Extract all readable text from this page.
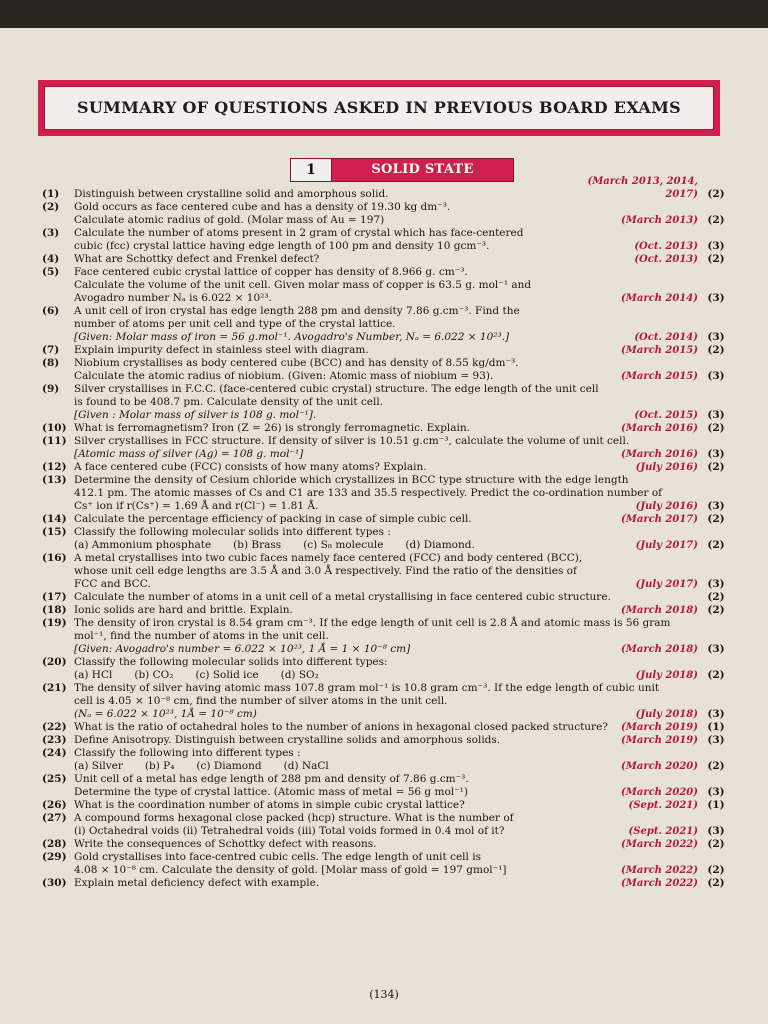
SUMMARY OF QUESTIONS ASKED IN PREVIOUS BOARD EXAMS
1	SOLID STATE
(1)	Distinguish between crystalline solid and amorphous solid.
(March 2013, 2014, 2017) (2)
(2)	Gold occurs as face centered cube and has a density of 19.30 kg dm⁻³.
Calculate atomic radius of gold. (Molar mass of Au = 197)	(March 2013) (2)
(3)	Calculate the number of atoms present in 2 gram of crystal which has face-centered
cubic (fcc) crystal lattice having edge length of 100 pm and density 10 gcm⁻³.	(Oct. 2013) (3)
(4)	What are Schottky defect and Frenkel defect?	(Oct. 2013) (2)
(5)	Face centered cubic crystal lattice of copper has density of 8.966 g. cm⁻³.
Calculate the volume of the unit cell. Given molar mass of copper is 63.5 g. mol⁻¹ and
Avogadro number Nₐ is 6.022 × 10²³.	(March 2014) (3)
(6)	A unit cell of iron crystal has edge length 288 pm and density 7.86 g.cm⁻³. Find the
number of atoms per unit cell and type of the crystal lattice.
[Given: Molar mass of iron = 56 g.mol⁻¹. Avogadro's Number, Nₐ = 6.022 × 10²³.]	(Oct. 2014) (3)
(7)	Explain impurity defect in stainless steel with diagram.	(March 2015) (2)
(8)	Niobium crystallises as body centered cube (BCC) and has density of 8.55 kg/dm⁻³.
Calculate the atomic radius of niobium. (Given: Atomic mass of niobium = 93).	(March 2015) (3)
(9)	Silver crystallises in F.C.C. (face-centered cubic crystal) structure. The edge length of the unit cell
is found to be 408.7 pm. Calculate density of the unit cell.
[Given : Molar mass of silver is 108 g. mol⁻¹].	(Oct. 2015) (3)
(10) What is ferromagnetism? Iron (Z = 26) is strongly ferromagnetic. Explain.	(March 2016) (2)
(11) Silver crystallises in FCC structure. If density of silver is 10.51 g.cm⁻³, calculate the volume of unit cell.
[Atomic mass of silver (Ag) = 108 g. mol⁻¹]	(March 2016) (3)
(12) A face centered cube (FCC) consists of how many atoms? Explain.	(July 2016) (2)
(13) Determine the density of Cesium chloride which crystallizes in BCC type structure with the edge length
412.1 pm. The atomic masses of Cs and C1 are 133 and 35.5 respectively. Predict the co-ordination number of
Cs⁺ ion if r(Cs⁺) = 1.69 Å and r(Cl⁻) = 1.81 Å.	(July 2016) (3)
(14) Calculate the percentage efficiency of packing in case of simple cubic cell.	(March 2017) (2)
(15) Classify the following molecular solids into different types :
(a) Ammonium phosphate (b) Brass (c) S₈ molecule (d) Diamond.	(July 2017) (2)
(16) A metal crystallises into two cubic faces namely face centered (FCC) and body centered (BCC),
whose unit cell edge lengths are 3.5 Å and 3.0 Å respectively. Find the ratio of the densities of
FCC and BCC.	(July 2017) (3)
(17) Calculate the number of atoms in a unit cell of a metal crystallising in face centered cubic structure.	(2)
(18) Ionic solids are hard and brittle. Explain.	(March 2018) (2)
(19) The density of iron crystal is 8.54 gram cm⁻³. If the edge length of unit cell is 2.8 Å and atomic mass is 56 gram
mol⁻¹, find the number of atoms in the unit cell.
[Given: Avogadro's number = 6.022 × 10²³, 1 Å = 1 × 10⁻⁸ cm]	(March 2018) (3)
(20) Classify the following molecular solids into different types:
(a) HCl (b) CO₂ (c) Solid ice (d) SO₂	(July 2018) (2)
(21) The density of silver having atomic mass 107.8 gram mol⁻¹ is 10.8 gram cm⁻³. If the edge length of cubic unit
cell is 4.05 × 10⁻⁸ cm, find the number of silver atoms in the unit cell.
(Nₐ = 6.022 × 10²³, 1Å = 10⁻⁸ cm)	(July 2018) (3)
(22) What is the ratio of octahedral holes to the number of anions in hexagonal closed packed structure?	(March 2019) (1)
(23) Define Anisotropy. Distinguish between crystalline solids and amorphous solids.	(March 2019) (3)
(24) Classify the following into different types :
(a) Silver (b) P₄ (c) Diamond (d) NaCl	(March 2020) (2)
(25) Unit cell of a metal has edge length of 288 pm and density of 7.86 g.cm⁻³.
Determine the type of crystal lattice. (Atomic mass of metal = 56 g mol⁻¹)	(March 2020) (3)
(26) What is the coordination number of atoms in simple cubic crystal lattice?	(Sept. 2021) (1)
(27) A compound forms hexagonal close packed (hcp) structure. What is the number of
(i) Octahedral voids (ii) Tetrahedral voids (iii) Total voids formed in 0.4 mol of it?	(Sept. 2021) (3)
(28) Write the consequences of Schottky defect with reasons.	(March 2022) (2)
(29) Gold crystallises into face-centred cubic cells. The edge length of unit cell is
4.08 × 10⁻⁸ cm. Calculate the density of gold. [Molar mass of gold = 197 gmol⁻¹]	(March 2022) (2)
(30) Explain metal deficiency defect with example.	(March 2022) (2)
(134)
